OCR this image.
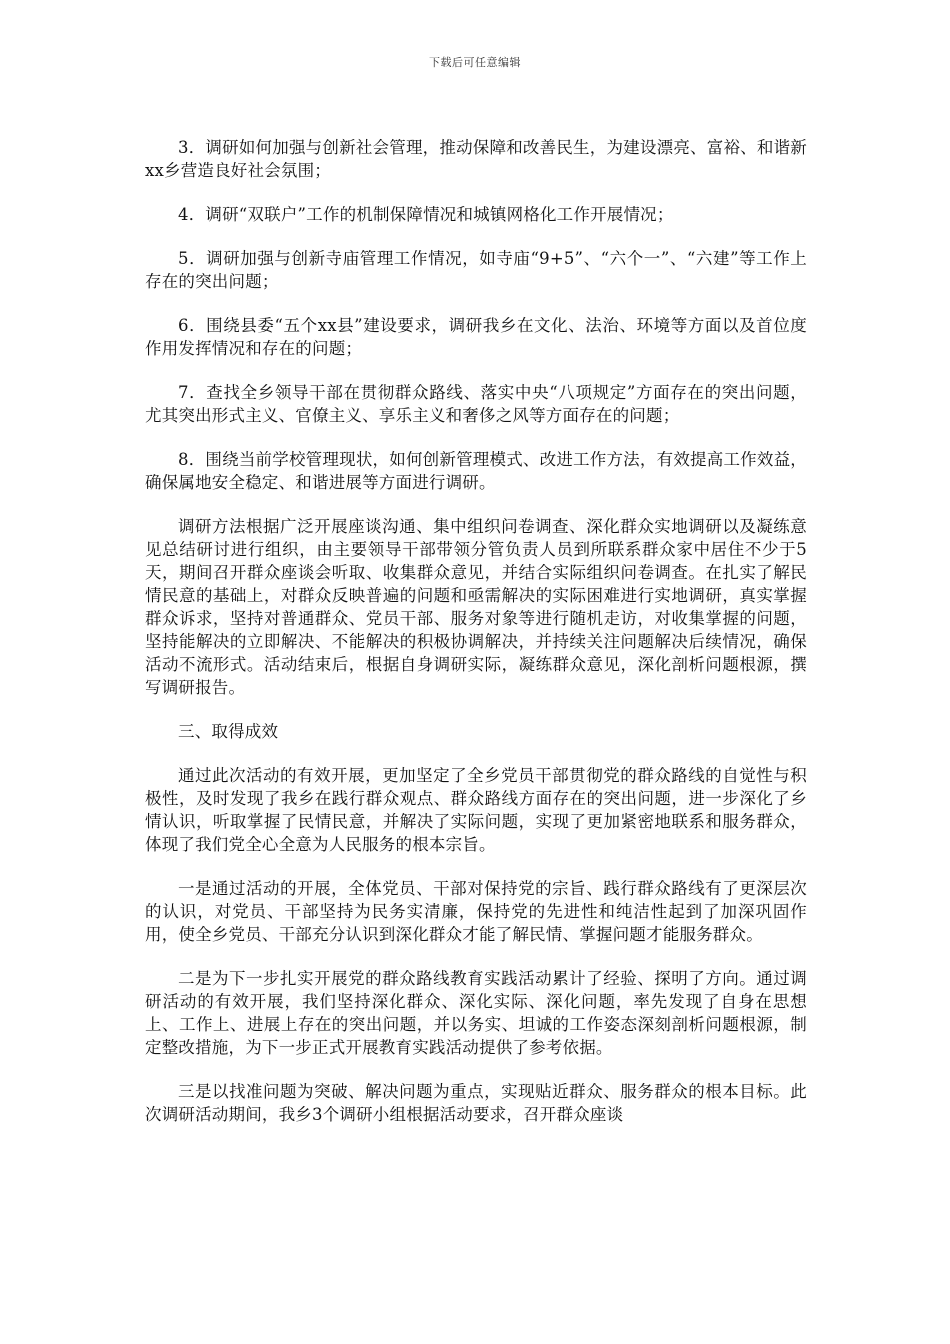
下载后可任意编辑

3．调研如何加强与创新社会管理，推动保障和改善民生，为建设漂亮、富裕、和谐新xx乡营造良好社会氛围；

4．调研“双联户”工作的机制保障情况和城镇网格化工作开展情况；

5．调研加强与创新寺庙管理工作情况，如寺庙“9+5”、“六个一”、“六建”等工作上存在的突出问题；

6．围绕县委“五个xx县”建设要求，调研我乡在文化、法治、环境等方面以及首位度作用发挥情况和存在的问题；

7．查找全乡领导干部在贯彻群众路线、落实中央“八项规定”方面存在的突出问题，尤其突出形式主义、官僚主义、享乐主义和奢侈之风等方面存在的问题；

8．围绕当前学校管理现状，如何创新管理模式、改进工作方法，有效提高工作效益，确保属地安全稳定、和谐进展等方面进行调研。

调研方法根据广泛开展座谈沟通、集中组织问卷调查、深化群众实地调研以及凝练意见总结研讨进行组织，由主要领导干部带领分管负责人员到所联系群众家中居住不少于5天，期间召开群众座谈会听取、收集群众意见，并结合实际组织问卷调查。在扎实了解民情民意的基础上，对群众反映普遍的问题和亟需解决的实际困难进行实地调研，真实掌握群众诉求，坚持对普通群众、党员干部、服务对象等进行随机走访，对收集掌握的问题，坚持能解决的立即解决、不能解决的积极协调解决，并持续关注问题解决后续情况，确保活动不流形式。活动结束后，根据自身调研实际，凝练群众意见，深化剖析问题根源，撰写调研报告。

三、取得成效

通过此次活动的有效开展，更加坚定了全乡党员干部贯彻党的群众路线的自觉性与积极性，及时发现了我乡在践行群众观点、群众路线方面存在的突出问题，进一步深化了乡情认识，听取掌握了民情民意，并解决了实际问题，实现了更加紧密地联系和服务群众，体现了我们党全心全意为人民服务的根本宗旨。

一是通过活动的开展，全体党员、干部对保持党的宗旨、践行群众路线有了更深层次的认识，对党员、干部坚持为民务实清廉，保持党的先进性和纯洁性起到了加深巩固作用，使全乡党员、干部充分认识到深化群众才能了解民情、掌握问题才能服务群众。

二是为下一步扎实开展党的群众路线教育实践活动累计了经验、探明了方向。通过调研活动的有效开展，我们坚持深化群众、深化实际、深化问题，率先发现了自身在思想上、工作上、进展上存在的突出问题，并以务实、坦诚的工作姿态深刻剖析问题根源，制定整改措施，为下一步正式开展教育实践活动提供了参考依据。

三是以找准问题为突破、解决问题为重点，实现贴近群众、服务群众的根本目标。此次调研活动期间，我乡3个调研小组根据活动要求，召开群众座谈
